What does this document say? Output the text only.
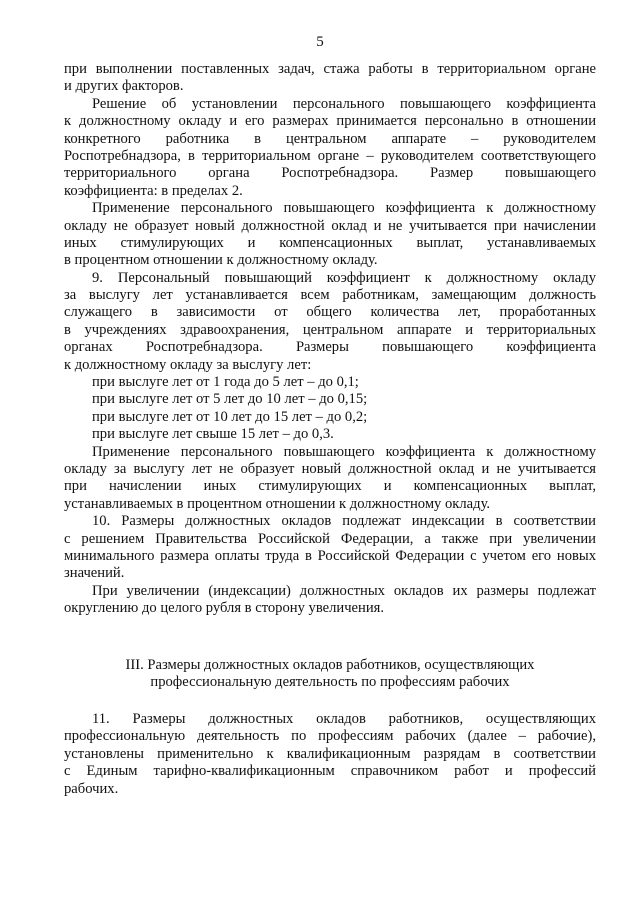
5
при выполнении поставленных задач, стажа работы в территориальном органе
и других факторов.
Решение об установлении персонального повышающего коэффициента
к должностному окладу и его размерах принимается персонально в отношении
конкретного работника в центральном аппарате – руководителем
Роспотребнадзора, в территориальном органе – руководителем соответствующего
территориального органа Роспотребнадзора. Размер повышающего
коэффициента: в пределах 2.
Применение персонального повышающего коэффициента к должностному
окладу не образует новый должностной оклад и не учитывается при начислении
иных стимулирующих и компенсационных выплат, устанавливаемых
в процентном отношении к должностному окладу.
9. Персональный повышающий коэффициент к должностному окладу
за выслугу лет устанавливается всем работникам, замещающим должность
служащего в зависимости от общего количества лет, проработанных
в учреждениях здравоохранения, центральном аппарате и территориальных
органах Роспотребнадзора. Размеры повышающего коэффициента
к должностному окладу за выслугу лет:
при выслуге лет от 1 года до 5 лет – до 0,1;
при выслуге лет от 5 лет до 10 лет – до 0,15;
при выслуге лет от 10 лет до 15 лет – до 0,2;
при выслуге лет свыше 15 лет – до 0,3.
Применение персонального повышающего коэффициента к должностному
окладу за выслугу лет не образует новый должностной оклад и не учитывается
при начислении иных стимулирующих и компенсационных выплат,
устанавливаемых в процентном отношении к должностному окладу.
10. Размеры должностных окладов подлежат индексации в соответствии
с решением Правительства Российской Федерации, а также при увеличении
минимального размера оплаты труда в Российской Федерации с учетом его новых
значений.
При увеличении (индексации) должностных окладов их размеры подлежат
округлению до целого рубля в сторону увеличения.
III. Размеры должностных окладов работников, осуществляющих
профессиональную деятельность по профессиям рабочих
11. Размеры должностных окладов работников, осуществляющих
профессиональную деятельность по профессиям рабочих (далее – рабочие),
установлены применительно к квалификационным разрядам в соответствии
с Единым тарифно-квалификационным справочником работ и профессий
рабочих.
